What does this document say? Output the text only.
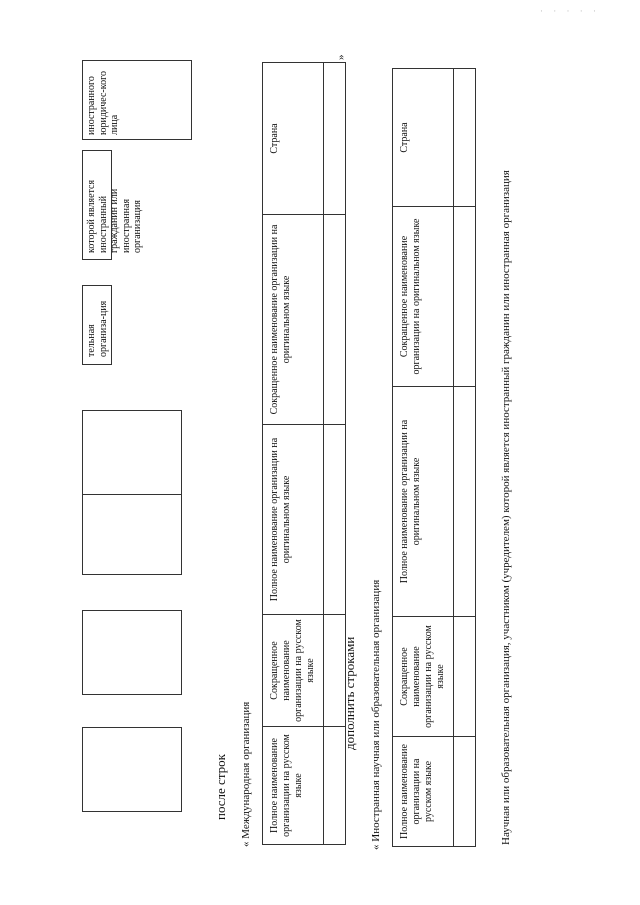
· · · · ·
тельная организа-ция
которой является иностранный гражданин или иностранная организация
иностранного юридичес-кого лица
после строк
« Международная организация Полное наименование организации на русском языке	Сокращенное наименование организации на русском языке	Полное наименование организации на оригинальном языке	Сокращенное наименование организации на оригинальном языке	Страна

»
дополнить строками
« Иностранная научная или образовательная организация Полное наименование организации на русском языке	Сокращенное наименование организации на русском языке	Полное наименование организации на оригинальном языке	Сокращенное наименование организации на оригинальном языке	Страна

Научная или образовательная организация, участником (учредителем) которой является иностранный гражданин или иностранная организация
